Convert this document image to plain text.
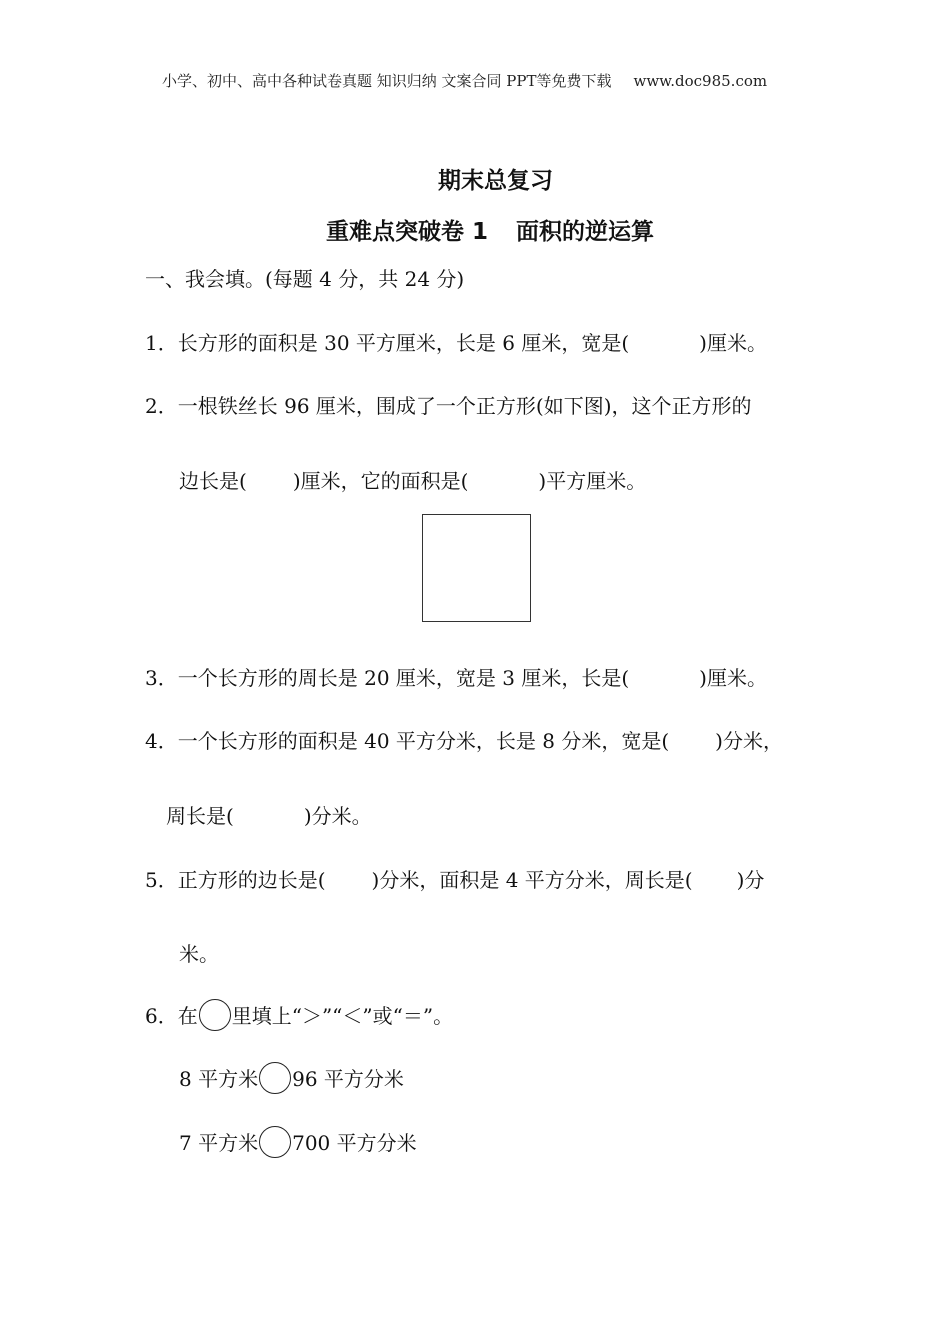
小学、初中、高中各种试卷真题 知识归纳 文案合同 PPT等免费下载 www.doc985.com
期末总复习
重难点突破卷 1 面积的逆运算
一、我会填。(每题 4 分，共 24 分)
1．长方形的面积是 30 平方厘米，长是 6 厘米，宽是(	)厘米。
2．一根铁丝长 96 厘米，围成了一个正方形(如下图)，这个正方形的
边长是( )厘米，它的面积是(	)平方厘米。
3．一个长方形的周长是 20 厘米，宽是 3 厘米，长是(	)厘米。
4．一个长方形的面积是 40 平方分米，长是 8 分米，宽是( )分米，
周长是(	)分米。
5．正方形的边长是( )分米，面积是 4 平方分米，周长是( )分
米。
6．在 里填上“＞”“＜”或“＝”。
8 平方米 96 平方分米
7 平方米 700 平方分米
